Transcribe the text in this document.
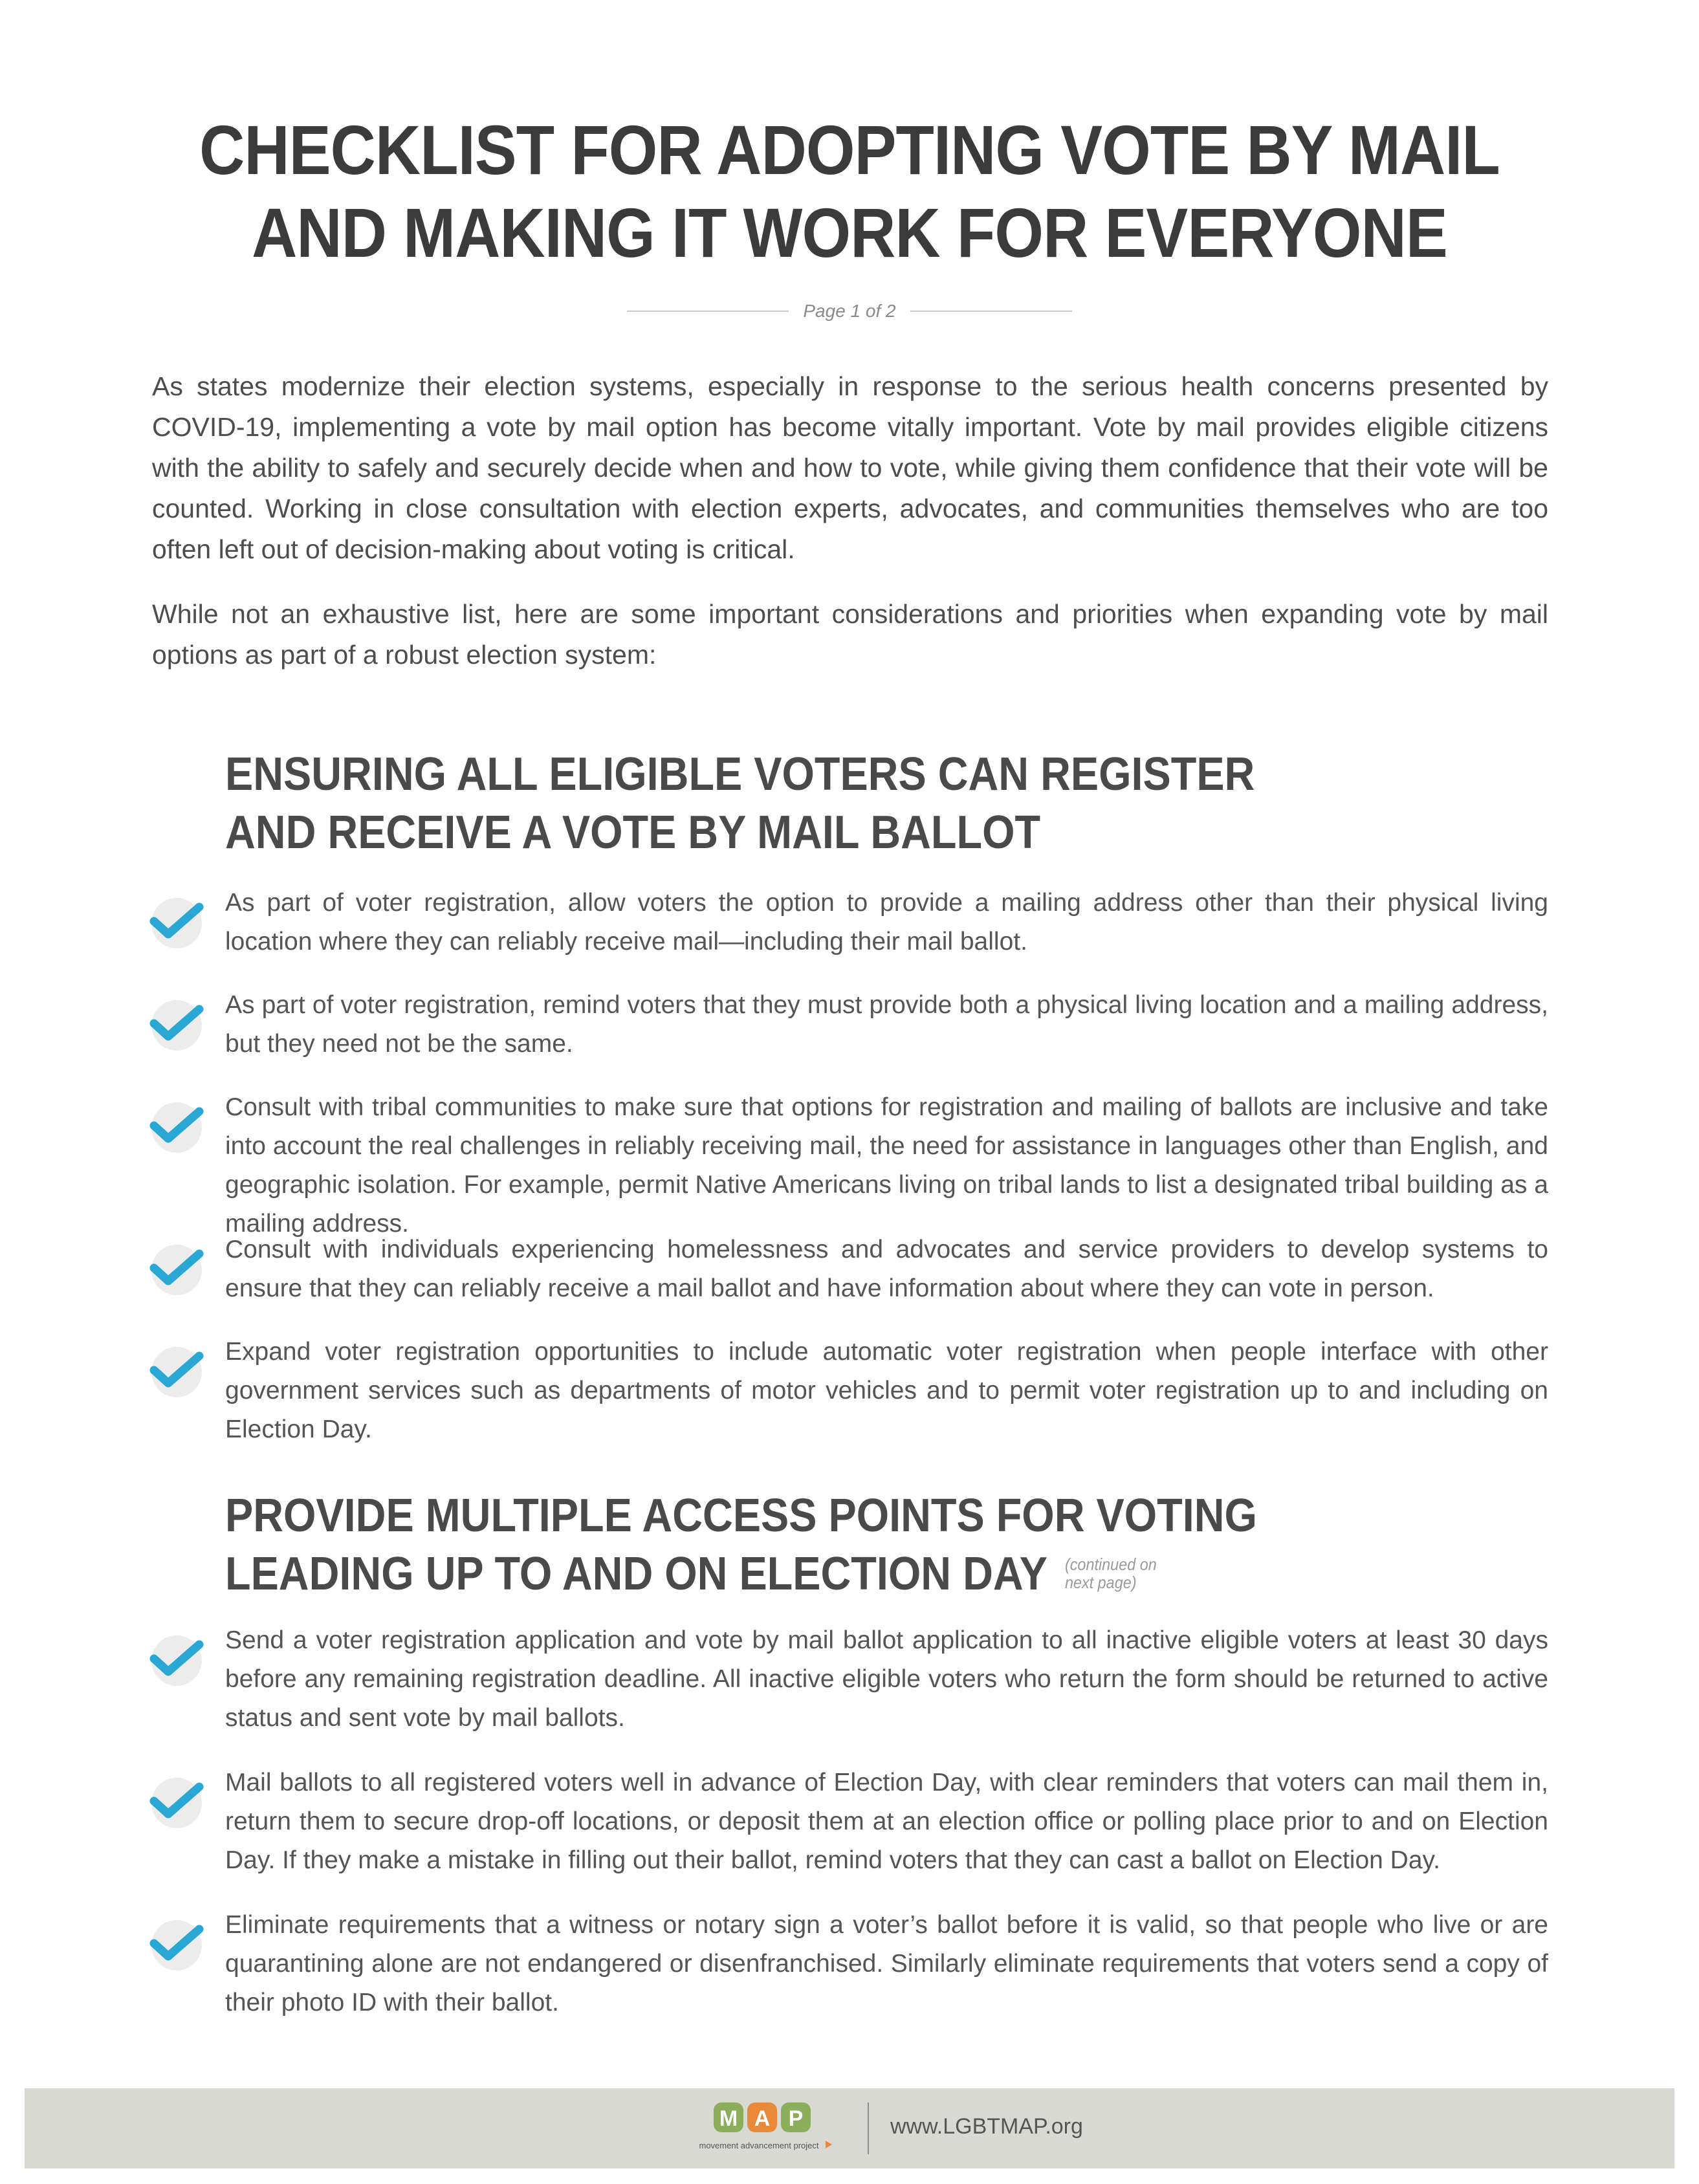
CHECKLIST FOR ADOPTING VOTE BY MAIL
AND MAKING IT WORK FOR EVERYONE
Page 1 of 2

As states modernize their election systems, especially in response to the serious health concerns presented by COVID-19, implementing a vote by mail option has become vitally important. Vote by mail provides eligible citizens with the ability to safely and securely decide when and how to vote, while giving them confidence that their vote will be counted. Working in close consultation with election experts, advocates, and communities themselves who are too often left out of decision-making about voting is critical.

While not an exhaustive list, here are some important considerations and priorities when expanding vote by mail options as part of a robust election system:

ENSURING ALL ELIGIBLE VOTERS CAN REGISTER
AND RECEIVE A VOTE BY MAIL BALLOT
As part of voter registration, allow voters the option to provide a mailing address other than their physical living location where they can reliably receive mail—including their mail ballot.
As part of voter registration, remind voters that they must provide both a physical living location and a mailing address, but they need not be the same.
Consult with tribal communities to make sure that options for registration and mailing of ballots are inclusive and take into account the real challenges in reliably receiving mail, the need for assistance in languages other than English, and geographic isolation. For example, permit Native Americans living on tribal lands to list a designated tribal building as a mailing address.
Consult with individuals experiencing homelessness and advocates and service providers to develop systems to ensure that they can reliably receive a mail ballot and have information about where they can vote in person.
Expand voter registration opportunities to include automatic voter registration when people interface with other government services such as departments of motor vehicles and to permit voter registration up to and including on Election Day.
PROVIDE MULTIPLE ACCESS POINTS FOR VOTING
LEADING UP TO AND ON ELECTION DAY (continued on next page)
Send a voter registration application and vote by mail ballot application to all inactive eligible voters at least 30 days before any remaining registration deadline. All inactive eligible voters who return the form should be returned to active status and sent vote by mail ballots.
Mail ballots to all registered voters well in advance of Election Day, with clear reminders that voters can mail them in, return them to secure drop-off locations, or deposit them at an election office or polling place prior to and on Election Day. If they make a mistake in filling out their ballot, remind voters that they can cast a ballot on Election Day.
Eliminate requirements that a witness or notary sign a voter’s ballot before it is valid, so that people who live or are quarantining alone are not endangered or disenfranchised. Similarly eliminate requirements that voters send a copy of their photo ID with their ballot.
M A P
movement advancement project
www.LGBTMAP.org
